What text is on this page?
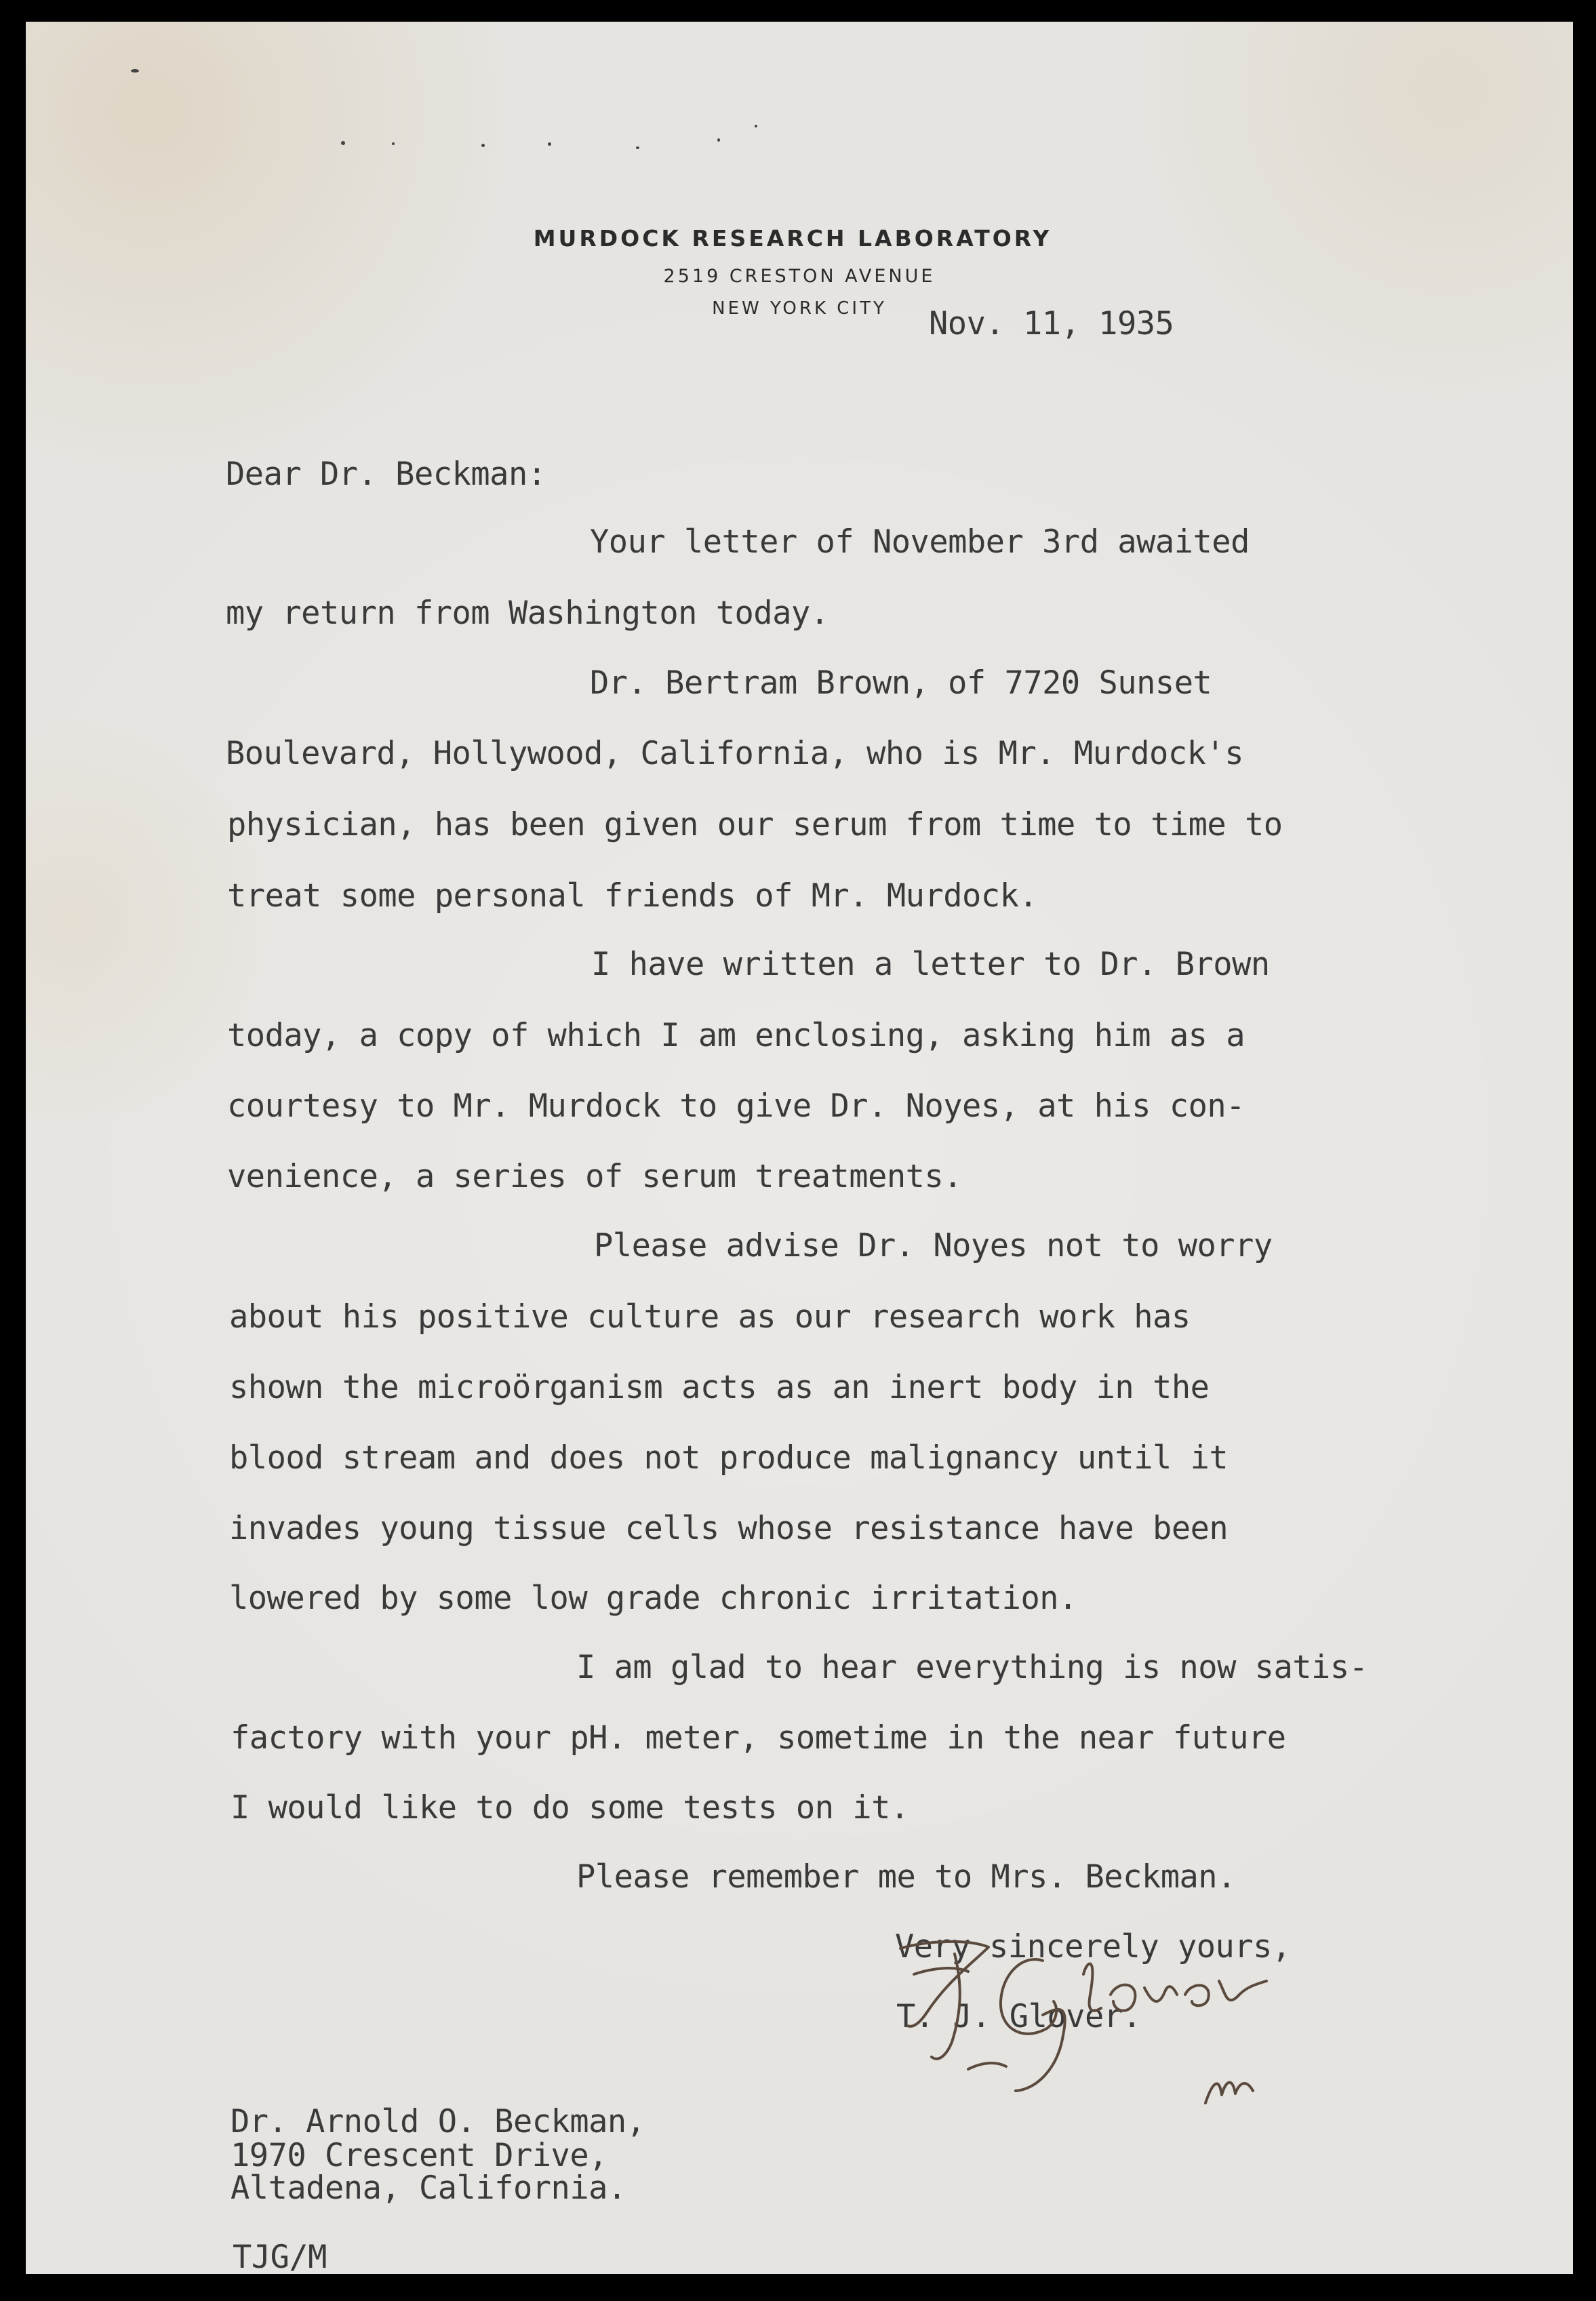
MURDOCK RESEARCH LABORATORY
2519 CRESTON AVENUE
NEW YORK CITY	Nov. 11, 1935
Dear Dr. Beckman:
Your letter of November 3rd awaited
my return from Washington today.
Dr. Bertram Brown, of 7720 Sunset
Boulevard, Hollywood, California, who is Mr. Murdock's
physician, has been given our serum from time to time to
treat some personal friends of Mr. Murdock.
I have written a letter to Dr. Brown
today, a copy of which I am enclosing, asking him as a
courtesy to Mr. Murdock to give Dr. Noyes, at his con-
venience, a series of serum treatments.
Please advise Dr. Noyes not to worry
about his positive culture as our research work has
shown the microörganism acts as an inert body in the
blood stream and does not produce malignancy until it
invades young tissue cells whose resistance have been
lowered by some low grade chronic irritation.
I am glad to hear everything is now satis-
factory with your pH. meter, sometime in the near future
I would like to do some tests on it.
Please remember me to Mrs. Beckman.
Very sincerely yours,
T. J. Glover.
Dr. Arnold O. Beckman,
1970 Crescent Drive,
Altadena, California.
TJG/M
